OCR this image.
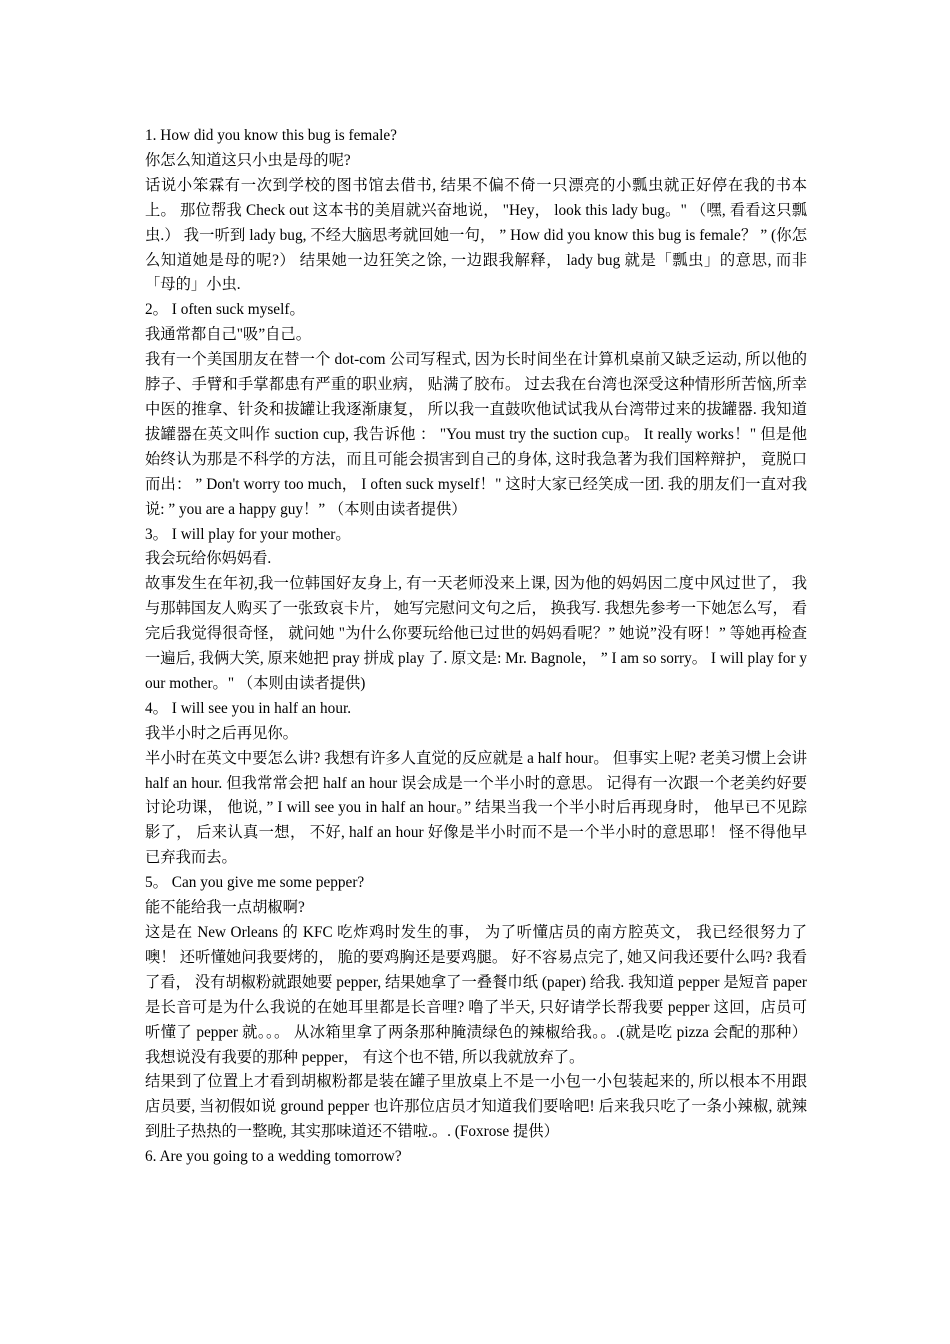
1. How did you know this bug is female?

你怎么知道这只小虫是母的呢?

话说小笨霖有一次到学校的图书馆去借书, 结果不偏不倚一只漂亮的小瓢虫就正好停在我的书本上。 那位帮我 Check out 这本书的美眉就兴奋地说， "Hey， look this lady bug。" （嘿, 看看这只瓢虫.） 我一听到 lady bug, 不经大脑思考就回她一句， ” How did you know this bug is female？ ” (你怎么知道她是母的呢?） 结果她一边狂笑之馀, 一边跟我解释， lady bug 就是「瓢虫」的意思, 而非「母的」小虫.

2。 I often suck myself。

我通常都自己"吸”自己。

我有一个美国朋友在替一个 dot-com 公司写程式, 因为长时间坐在计算机桌前又缺乏运动, 所以他的脖子、手臂和手掌都患有严重的职业病， 贴满了胶布。 过去我在台湾也深受这种情形所苦恼,所幸中医的推拿、针灸和拔罐让我逐渐康复， 所以我一直鼓吹他试试我从台湾带过来的拔罐器. 我知道拔罐器在英文叫作 suction cup, 我告诉他 ： "You must try the suction cup。 It really works！" 但是他始终认为那是不科学的方法，而且可能会损害到自己的身体, 这时我急著为我们国粹辩护， 竟脱口而出： ” Don't worry too much， I often suck myself！" 这时大家已经笑成一团. 我的朋友们一直对我说: ” you are a happy guy！” （本则由读者提供）

3。 I will play for your mother。

我会玩给你妈妈看.

故事发生在年初,我一位韩国好友身上, 有一天老师没来上课, 因为他的妈妈因二度中风过世了， 我与那韩国友人购买了一张致哀卡片， 她写完慰问文句之后， 换我写. 我想先参考一下她怎么写， 看完后我觉得很奇怪， 就问她 "为什么你要玩给他已过世的妈妈看呢？” 她说”没有呀！” 等她再检查一遍后, 我俩大笑, 原来她把 pray 拼成 play 了. 原文是: Mr. Bagnole， ” I am so sorry。 I will play for your mother。" （本则由读者提供)

4。 I will see you in half an hour.

我半小时之后再见你。

半小时在英文中要怎么讲? 我想有许多人直觉的反应就是 a half hour。 但事实上呢? 老美习惯上会讲 half an hour. 但我常常会把 half an hour 误会成是一个半小时的意思。 记得有一次跟一个老美约好要讨论功课， 他说, ” I will see you in half an hour。” 结果当我一个半小时后再现身时， 他早已不见踪影了， 后来认真一想， 不好, half an hour 好像是半小时而不是一个半小时的意思耶！ 怪不得他早已弃我而去。

5。 Can you give me some pepper?

能不能给我一点胡椒啊?

这是在 New Orleans 的 KFC 吃炸鸡时发生的事， 为了听懂店员的南方腔英文， 我已经很努力了噢！ 还听懂她问我要烤的， 脆的要鸡胸还是要鸡腿。 好不容易点完了, 她又问我还要什么吗? 我看了看， 没有胡椒粉就跟她要 pepper, 结果她拿了一叠餐巾纸 (paper) 给我. 我知道 pepper 是短音 paper 是长音可是为什么我说的在她耳里都是长音哩? 噜了半天, 只好请学长帮我要 pepper 这回，店员可听懂了 pepper 就。。。 从冰箱里拿了两条那种腌渍绿色的辣椒给我。。.(就是吃 pizza 会配的那种） 我想说没有我要的那种 pepper， 有这个也不错, 所以我就放弃了。

结果到了位置上才看到胡椒粉都是装在罐子里放桌上不是一小包一小包装起来的, 所以根本不用跟店员要, 当初假如说 ground pepper 也许那位店员才知道我们要啥吧! 后来我只吃了一条小辣椒, 就辣到肚子热热的一整晚, 其实那味道还不错啦.。. (Foxrose 提供）

6. Are you going to a wedding tomorrow?
